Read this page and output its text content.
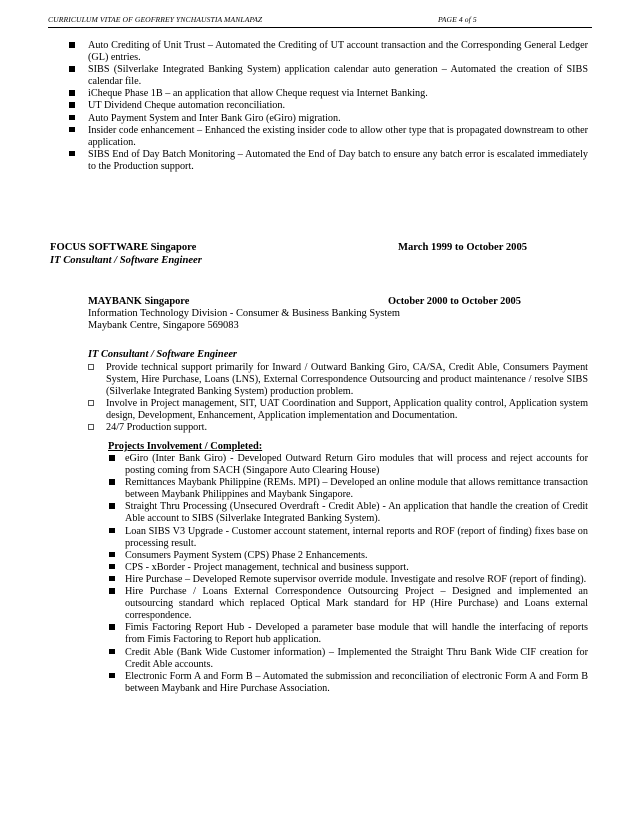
CURRICULUM VITAE OF GEOFRREY YNCHAUSTIA MANLAPAZ	PAGE 4 of 5
Auto Crediting of Unit Trust – Automated the Crediting of UT account transaction and the Corresponding General Ledger (GL) entries.
SIBS (Silverlake Integrated Banking System) application calendar auto generation – Automated the creation of SIBS calendar file.
iCheque Phase 1B – an application that allow Cheque request via Internet Banking.
UT Dividend Cheque automation reconciliation.
Auto Payment System and Inter Bank Giro (eGiro) migration.
Insider code enhancement – Enhanced the existing insider code to allow other type that is propagated downstream to other application.
SIBS End of Day Batch Monitoring – Automated the End of Day batch to ensure any batch error is escalated immediately to the Production support.
FOCUS SOFTWARE Singapore	March 1999 to October 2005
IT Consultant / Software Engineer
MAYBANK Singapore	October 2000 to October 2005
Information Technology Division - Consumer & Business Banking System
Maybank Centre, Singapore 569083
IT Consultant / Software Engineer
Provide technical support primarily for Inward / Outward Banking Giro, CA/SA, Credit Able, Consumers Payment System, Hire Purchase, Loans (LNS), External Correspondence Outsourcing and product maintenance / resolve SIBS (Silverlake Integrated Banking System) production problem.
Involve in Project management, SIT, UAT Coordination and Support, Application quality control, Application system design, Development, Enhancement, Application implementation and Documentation.
24/7 Production support.
Projects Involvement / Completed:
eGiro (Inter Bank Giro) - Developed Outward Return Giro modules that will process and reject accounts for posting coming from SACH (Singapore Auto Clearing House)
Remittances Maybank Philippine (REMs. MPI) – Developed an online module that allows remittance transaction between Maybank Philippines and Maybank Singapore.
Straight Thru Processing (Unsecured Overdraft - Credit Able) - An application that handle the creation of Credit Able account to SIBS (Silverlake Integrated Banking System).
Loan SIBS V3 Upgrade - Customer account statement, internal reports and ROF (report of finding) fixes base on processing result.
Consumers Payment System (CPS) Phase 2 Enhancements.
CPS - xBorder - Project management, technical and business support.
Hire Purchase – Developed Remote supervisor override module. Investigate and resolve ROF (report of finding).
Hire Purchase / Loans External Correspondence Outsourcing Project – Designed and implemented an outsourcing standard which replaced Optical Mark standard for HP (Hire Purchase) and Loans external correspondence.
Fimis Factoring Report Hub - Developed a parameter base module that will handle the interfacing of reports from Fimis Factoring to Report hub application.
Credit Able (Bank Wide Customer information) – Implemented the Straight Thru Bank Wide CIF creation for Credit Able accounts.
Electronic Form A and Form B – Automated the submission and reconciliation of electronic Form A and Form B between Maybank and Hire Purchase Association.
